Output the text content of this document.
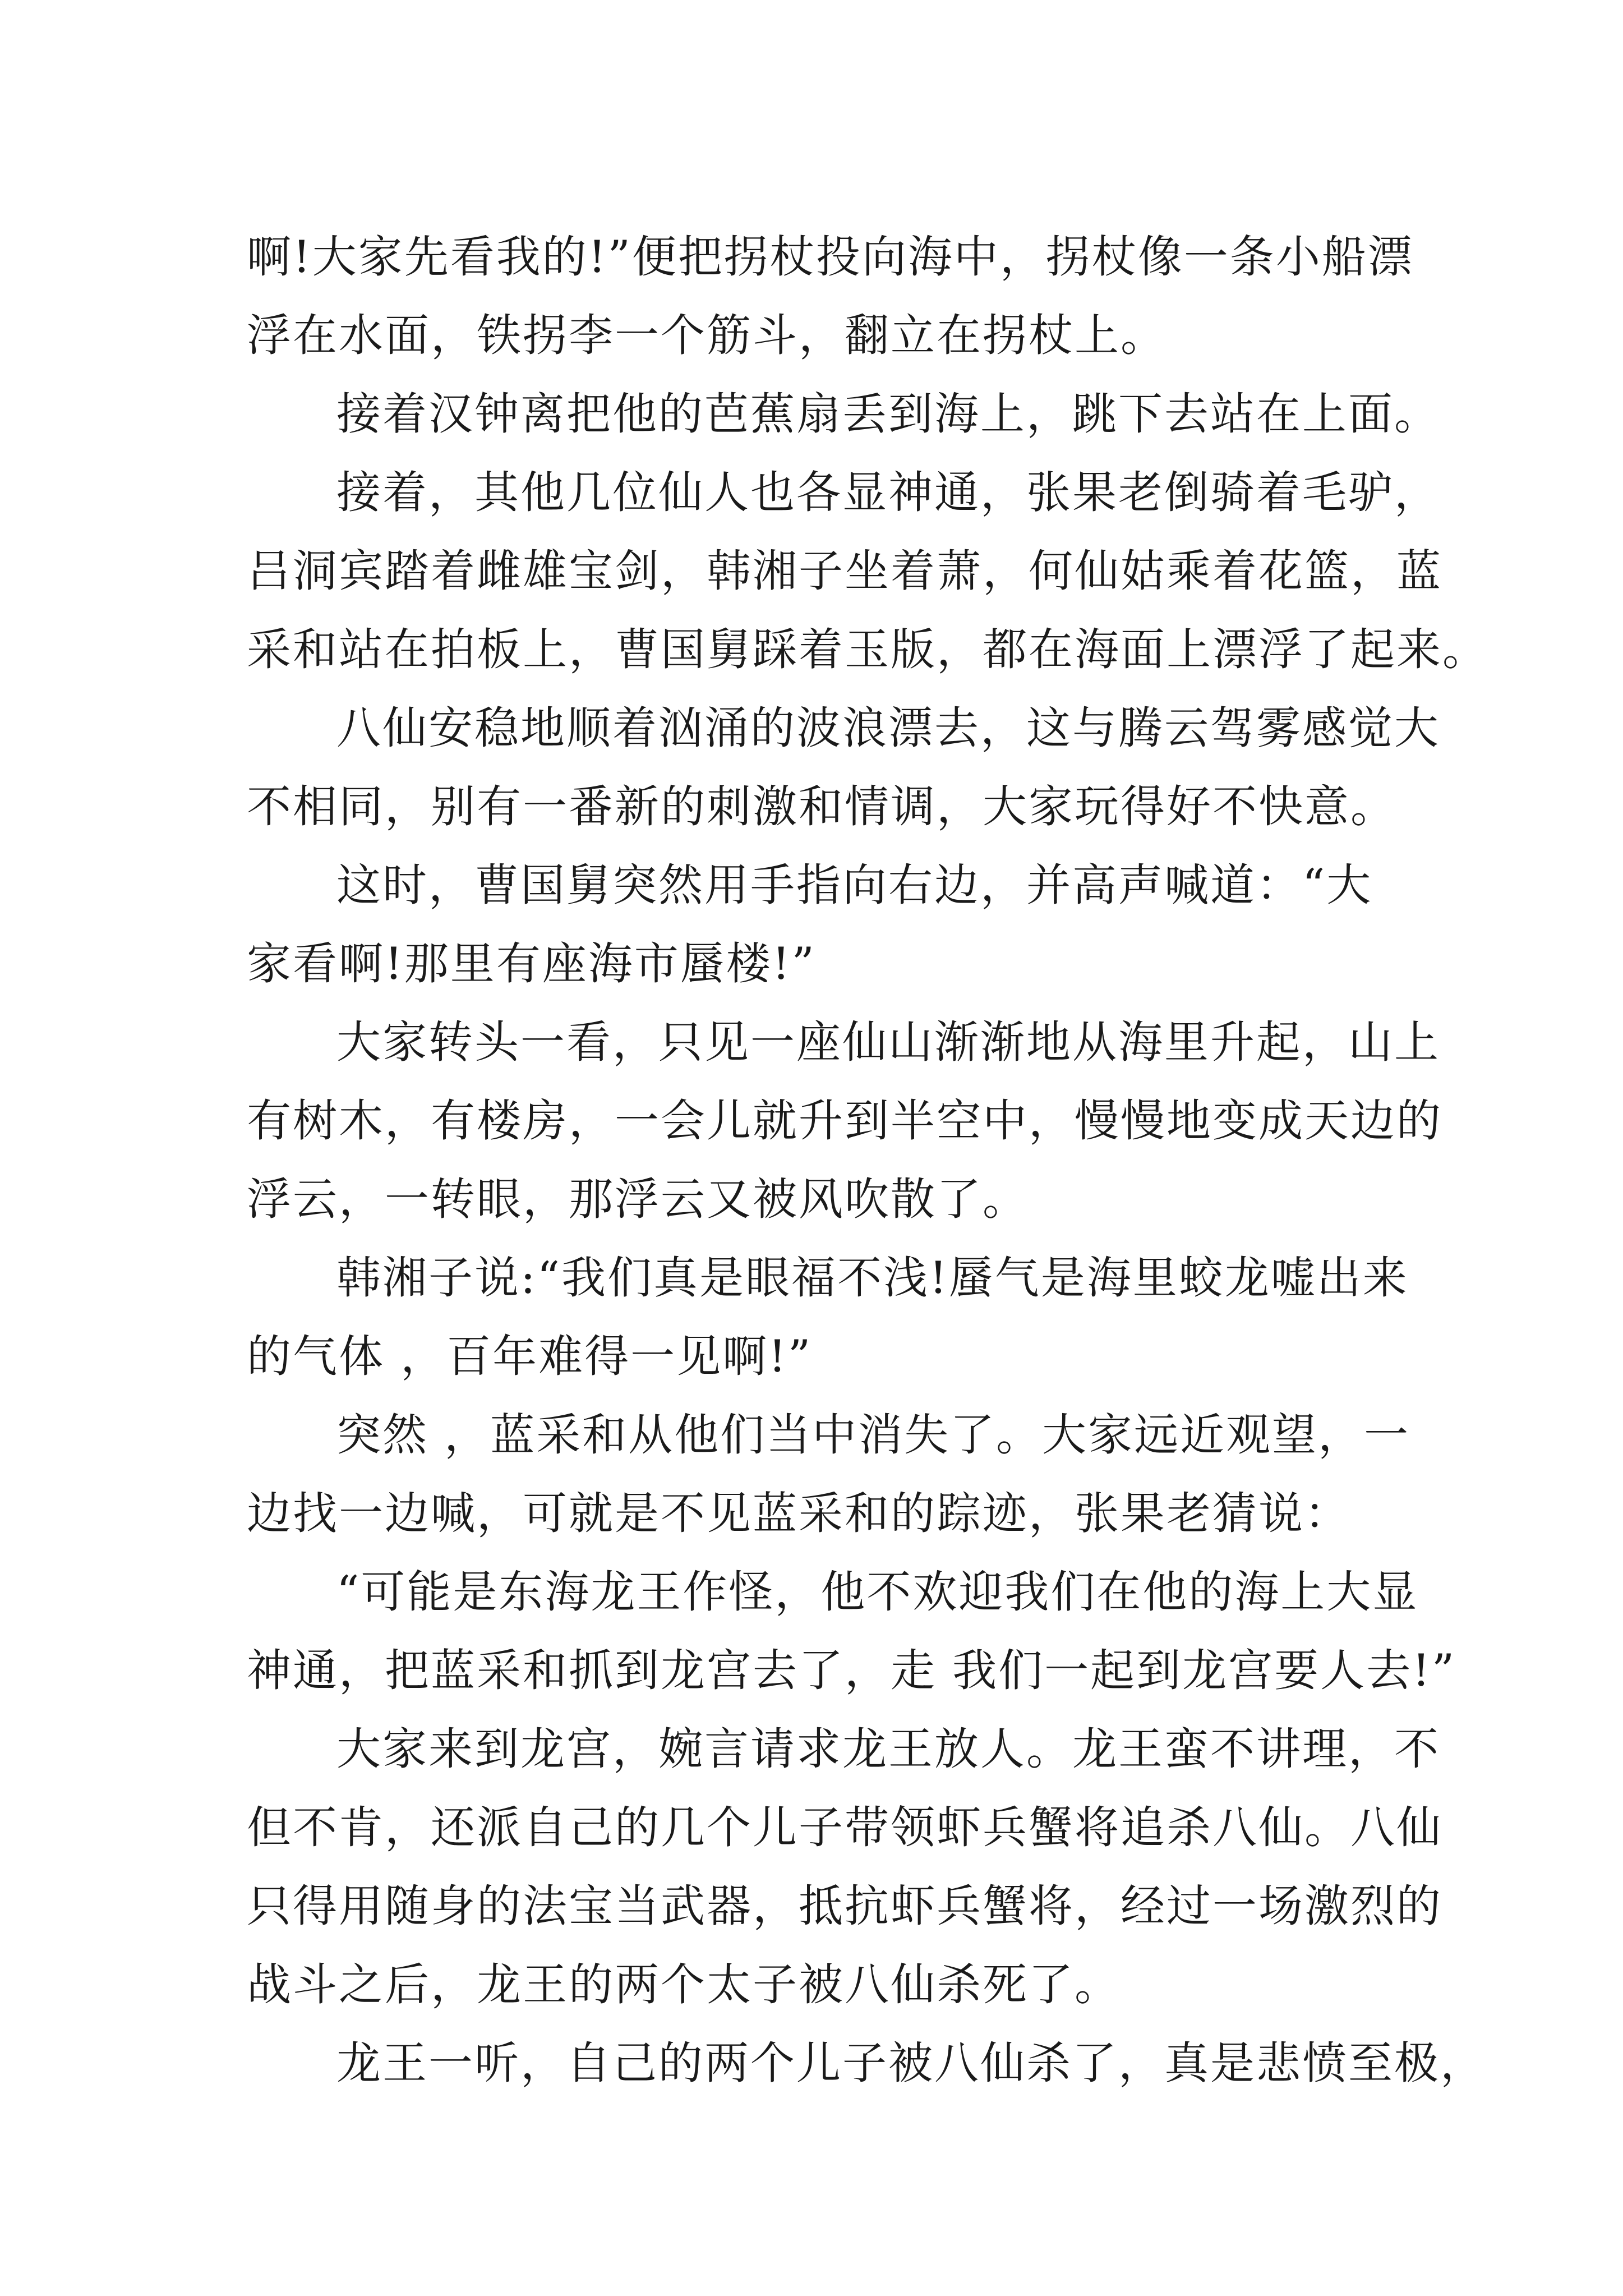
啊!大家先看我的!”便把拐杖投向海中，拐杖像一条小船漂
浮在水面，铁拐李一个筋斗，翻立在拐杖上。
接着汉钟离把他的芭蕉扇丢到海上，跳下去站在上面。
接着，其他几位仙人也各显神通，张果老倒骑着毛驴，
吕洞宾踏着雌雄宝剑，韩湘子坐着萧，何仙姑乘着花篮，蓝
采和站在拍板上，曹国舅踩着玉版，都在海面上漂浮了起来。
八仙安稳地顺着汹涌的波浪漂去，这与腾云驾雾感觉大
不相同，别有一番新的刺激和情调，大家玩得好不快意。
这时，曹国舅突然用手指向右边，并高声喊道：“大
家看啊!那里有座海市蜃楼!”
大家转头一看，只见一座仙山渐渐地从海里升起，山上
有树木，有楼房，一会儿就升到半空中，慢慢地变成天边的
浮云，一转眼，那浮云又被风吹散了。
韩湘子说:“我们真是眼福不浅!蜃气是海里蛟龙嘘出来
的气体 ，百年难得一见啊!”
突然 ，蓝采和从他们当中消失了。大家远近观望，一
边找一边喊，可就是不见蓝采和的踪迹，张果老猜说：
“可能是东海龙王作怪，他不欢迎我们在他的海上大显
神通，把蓝采和抓到龙宫去了，走 我们一起到龙宫要人去!”
大家来到龙宫，婉言请求龙王放人。龙王蛮不讲理，不
但不肯，还派自己的几个儿子带领虾兵蟹将追杀八仙。八仙
只得用随身的法宝当武器，抵抗虾兵蟹将，经过一场激烈的
战斗之后，龙王的两个太子被八仙杀死了。
龙王一听，自己的两个儿子被八仙杀了，真是悲愤至极，
